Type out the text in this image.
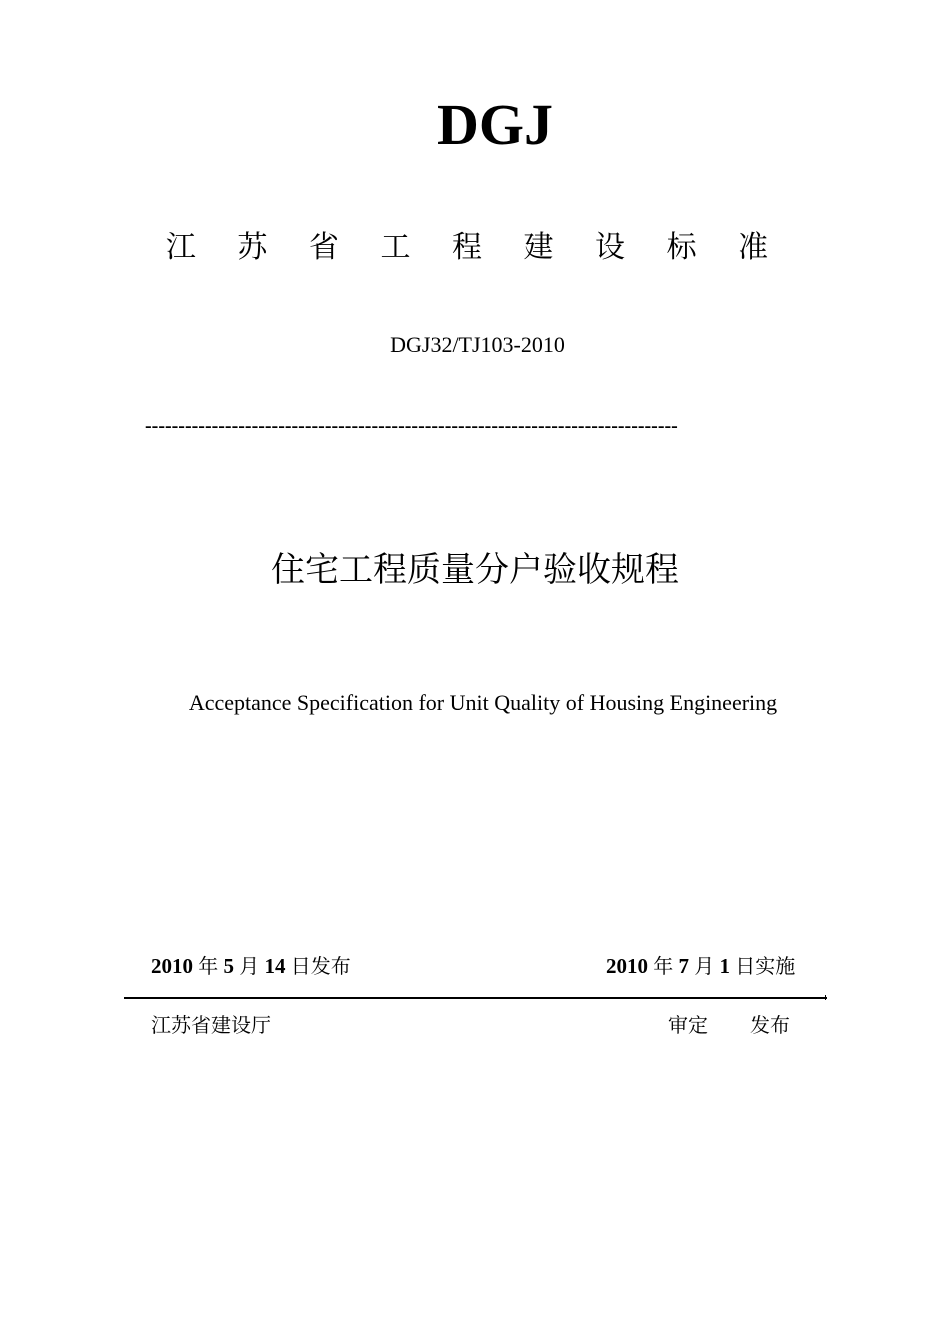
DGJ
江 苏 省 工 程 建 设 标 准
DGJ32/TJ103-2010
--------------------------------------------------------------------------------
住宅工程质量分户验收规程
Acceptance Specification for Unit Quality of Housing Engineering
2010 年 5 月 14 日发布	2010 年 7 月 1 日实施
江苏省建设厅	审定 发布
